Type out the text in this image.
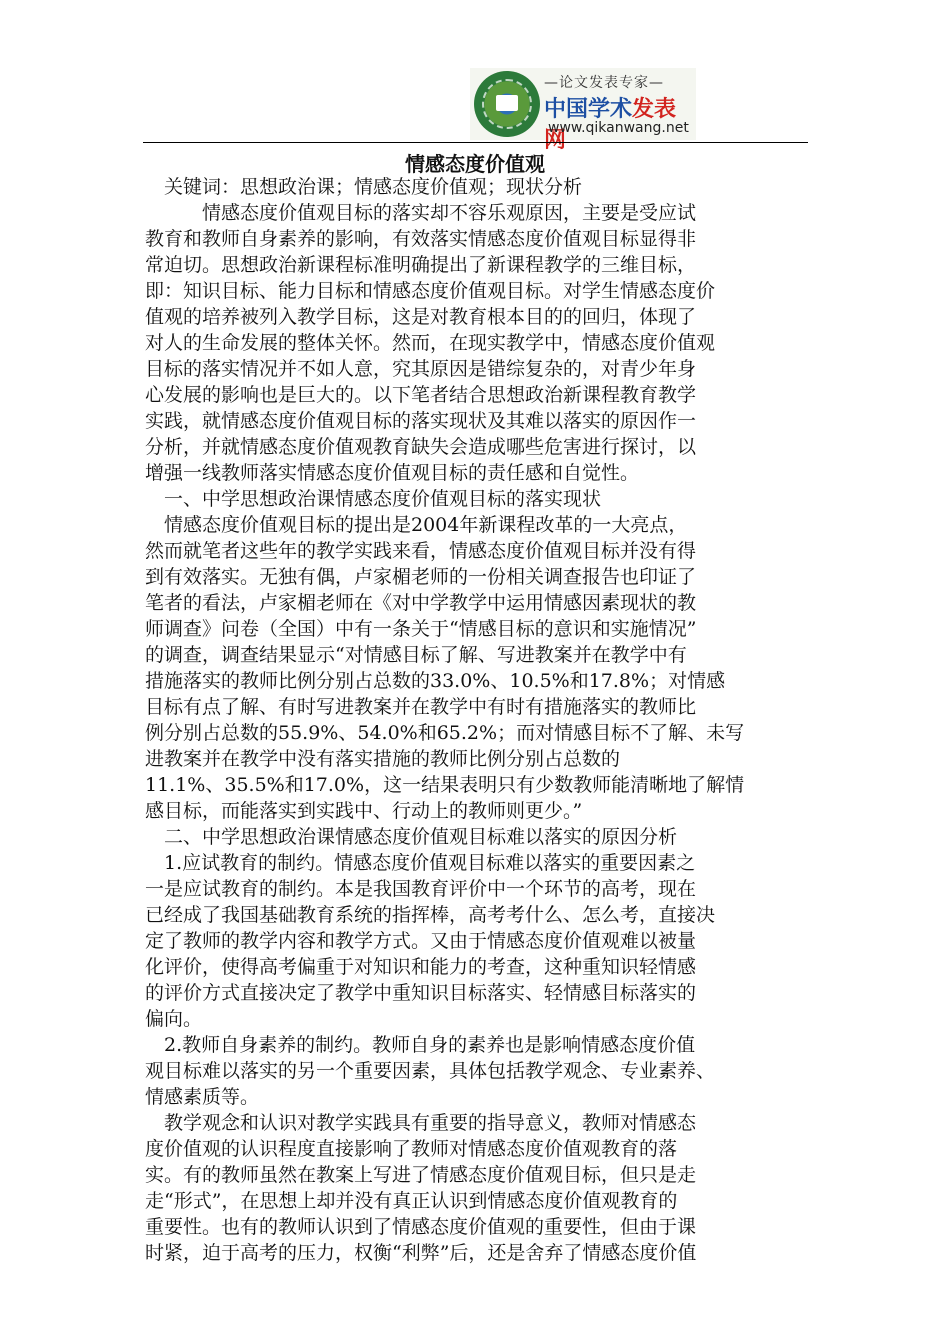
—论文发表专家—
中国学术发表网
www.qikanwang.net
情感态度价值观
　关键词：思想政治课；情感态度价值观；现状分析
　　　情感态度价值观目标的落实却不容乐观原因，主要是受应试
教育和教师自身素养的影响，有效落实情感态度价值观目标显得非
常迫切。思想政治新课程标准明确提出了新课程教学的三维目标，
即：知识目标、能力目标和情感态度价值观目标。对学生情感态度价
值观的培养被列入教学目标，这是对教育根本目的的回归，体现了
对人的生命发展的整体关怀。然而，在现实教学中，情感态度价值观
目标的落实情况并不如人意，究其原因是错综复杂的，对青少年身
心发展的影响也是巨大的。以下笔者结合思想政治新课程教育教学
实践，就情感态度价值观目标的落实现状及其难以落实的原因作一
分析，并就情感态度价值观教育缺失会造成哪些危害进行探讨，以
增强一线教师落实情感态度价值观目标的责任感和自觉性。
　一、中学思想政治课情感态度价值观目标的落实现状
　情感态度价值观目标的提出是2004年新课程改革的一大亮点，
然而就笔者这些年的教学实践来看，情感态度价值观目标并没有得
到有效落实。无独有偶，卢家楣老师的一份相关调查报告也印证了
笔者的看法，卢家楣老师在《对中学教学中运用情感因素现状的教
师调查》问卷（全国）中有一条关于“情感目标的意识和实施情况”
的调查，调查结果显示“对情感目标了解、写进教案并在教学中有
措施落实的教师比例分别占总数的33.0%、10.5%和17.8%；对情感
目标有点了解、有时写进教案并在教学中有时有措施落实的教师比
例分别占总数的55.9%、54.0%和65.2%；而对情感目标不了解、未写
进教案并在教学中没有落实措施的教师比例分别占总数的
11.1%、35.5%和17.0%，这一结果表明只有少数教师能清晰地了解情
感目标，而能落实到实践中、行动上的教师则更少。”
　二、中学思想政治课情感态度价值观目标难以落实的原因分析
　1.应试教育的制约。情感态度价值观目标难以落实的重要因素之
一是应试教育的制约。本是我国教育评价中一个环节的高考，现在
已经成了我国基础教育系统的指挥棒，高考考什么、怎么考，直接决
定了教师的教学内容和教学方式。又由于情感态度价值观难以被量
化评价，使得高考偏重于对知识和能力的考查，这种重知识轻情感
的评价方式直接决定了教学中重知识目标落实、轻情感目标落实的
偏向。
　2.教师自身素养的制约。教师自身的素养也是影响情感态度价值
观目标难以落实的另一个重要因素，具体包括教学观念、专业素养、
情感素质等。
　教学观念和认识对教学实践具有重要的指导意义，教师对情感态
度价值观的认识程度直接影响了教师对情感态度价值观教育的落
实。有的教师虽然在教案上写进了情感态度价值观目标，但只是走
走“形式”，在思想上却并没有真正认识到情感态度价值观教育的
重要性。也有的教师认识到了情感态度价值观的重要性，但由于课
时紧，迫于高考的压力，权衡“利弊”后，还是舍弃了情感态度价值
